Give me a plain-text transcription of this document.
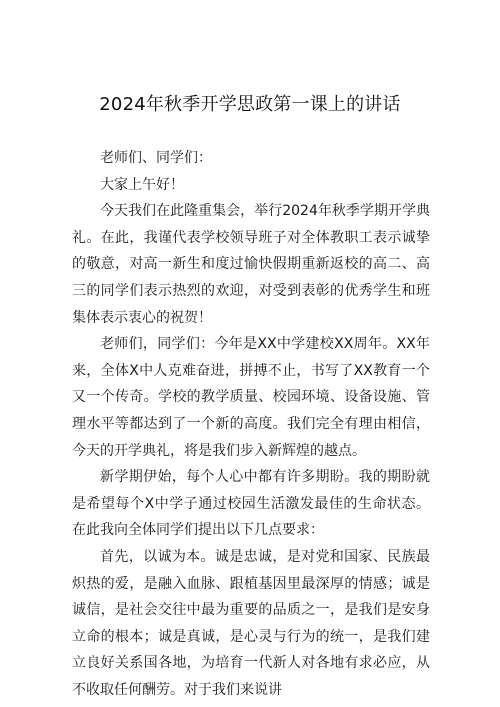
2024年秋季开学思政第一课上的讲话

老师们、同学们：

大家上午好！

今天我们在此隆重集会，举行2024年秋季学期开学典礼。在此，我谨代表学校领导班子对全体教职工表示诚挚的敬意，对高一新生和度过愉快假期重新返校的高二、高三的同学们表示热烈的欢迎，对受到表彰的优秀学生和班集体表示衷心的祝贺！

老师们，同学们：今年是XX中学建校XX周年。XX年来，全体X中人克难奋进，拼搏不止，书写了XX教育一个又一个传奇。学校的教学质量、校园环境、设备设施、管理水平等都达到了一个新的高度。我们完全有理由相信，今天的开学典礼，将是我们步入新辉煌的越点。

新学期伊始，每个人心中都有许多期盼。我的期盼就是希望每个X中学子通过校园生活激发最佳的生命状态。在此我向全体同学们提出以下几点要求：

首先，以诚为本。诚是忠诚，是对党和国家、民族最炽热的爱，是融入血脉、跟植基因里最深厚的情感；诚是诚信，是社会交往中最为重要的品质之一，是我们是安身立命的根本；诚是真诚，是心灵与行为的统一，是我们建立良好关系国各地，为培育一代新人对各地有求必应，从不收取任何酬劳。对于我们来说讲
